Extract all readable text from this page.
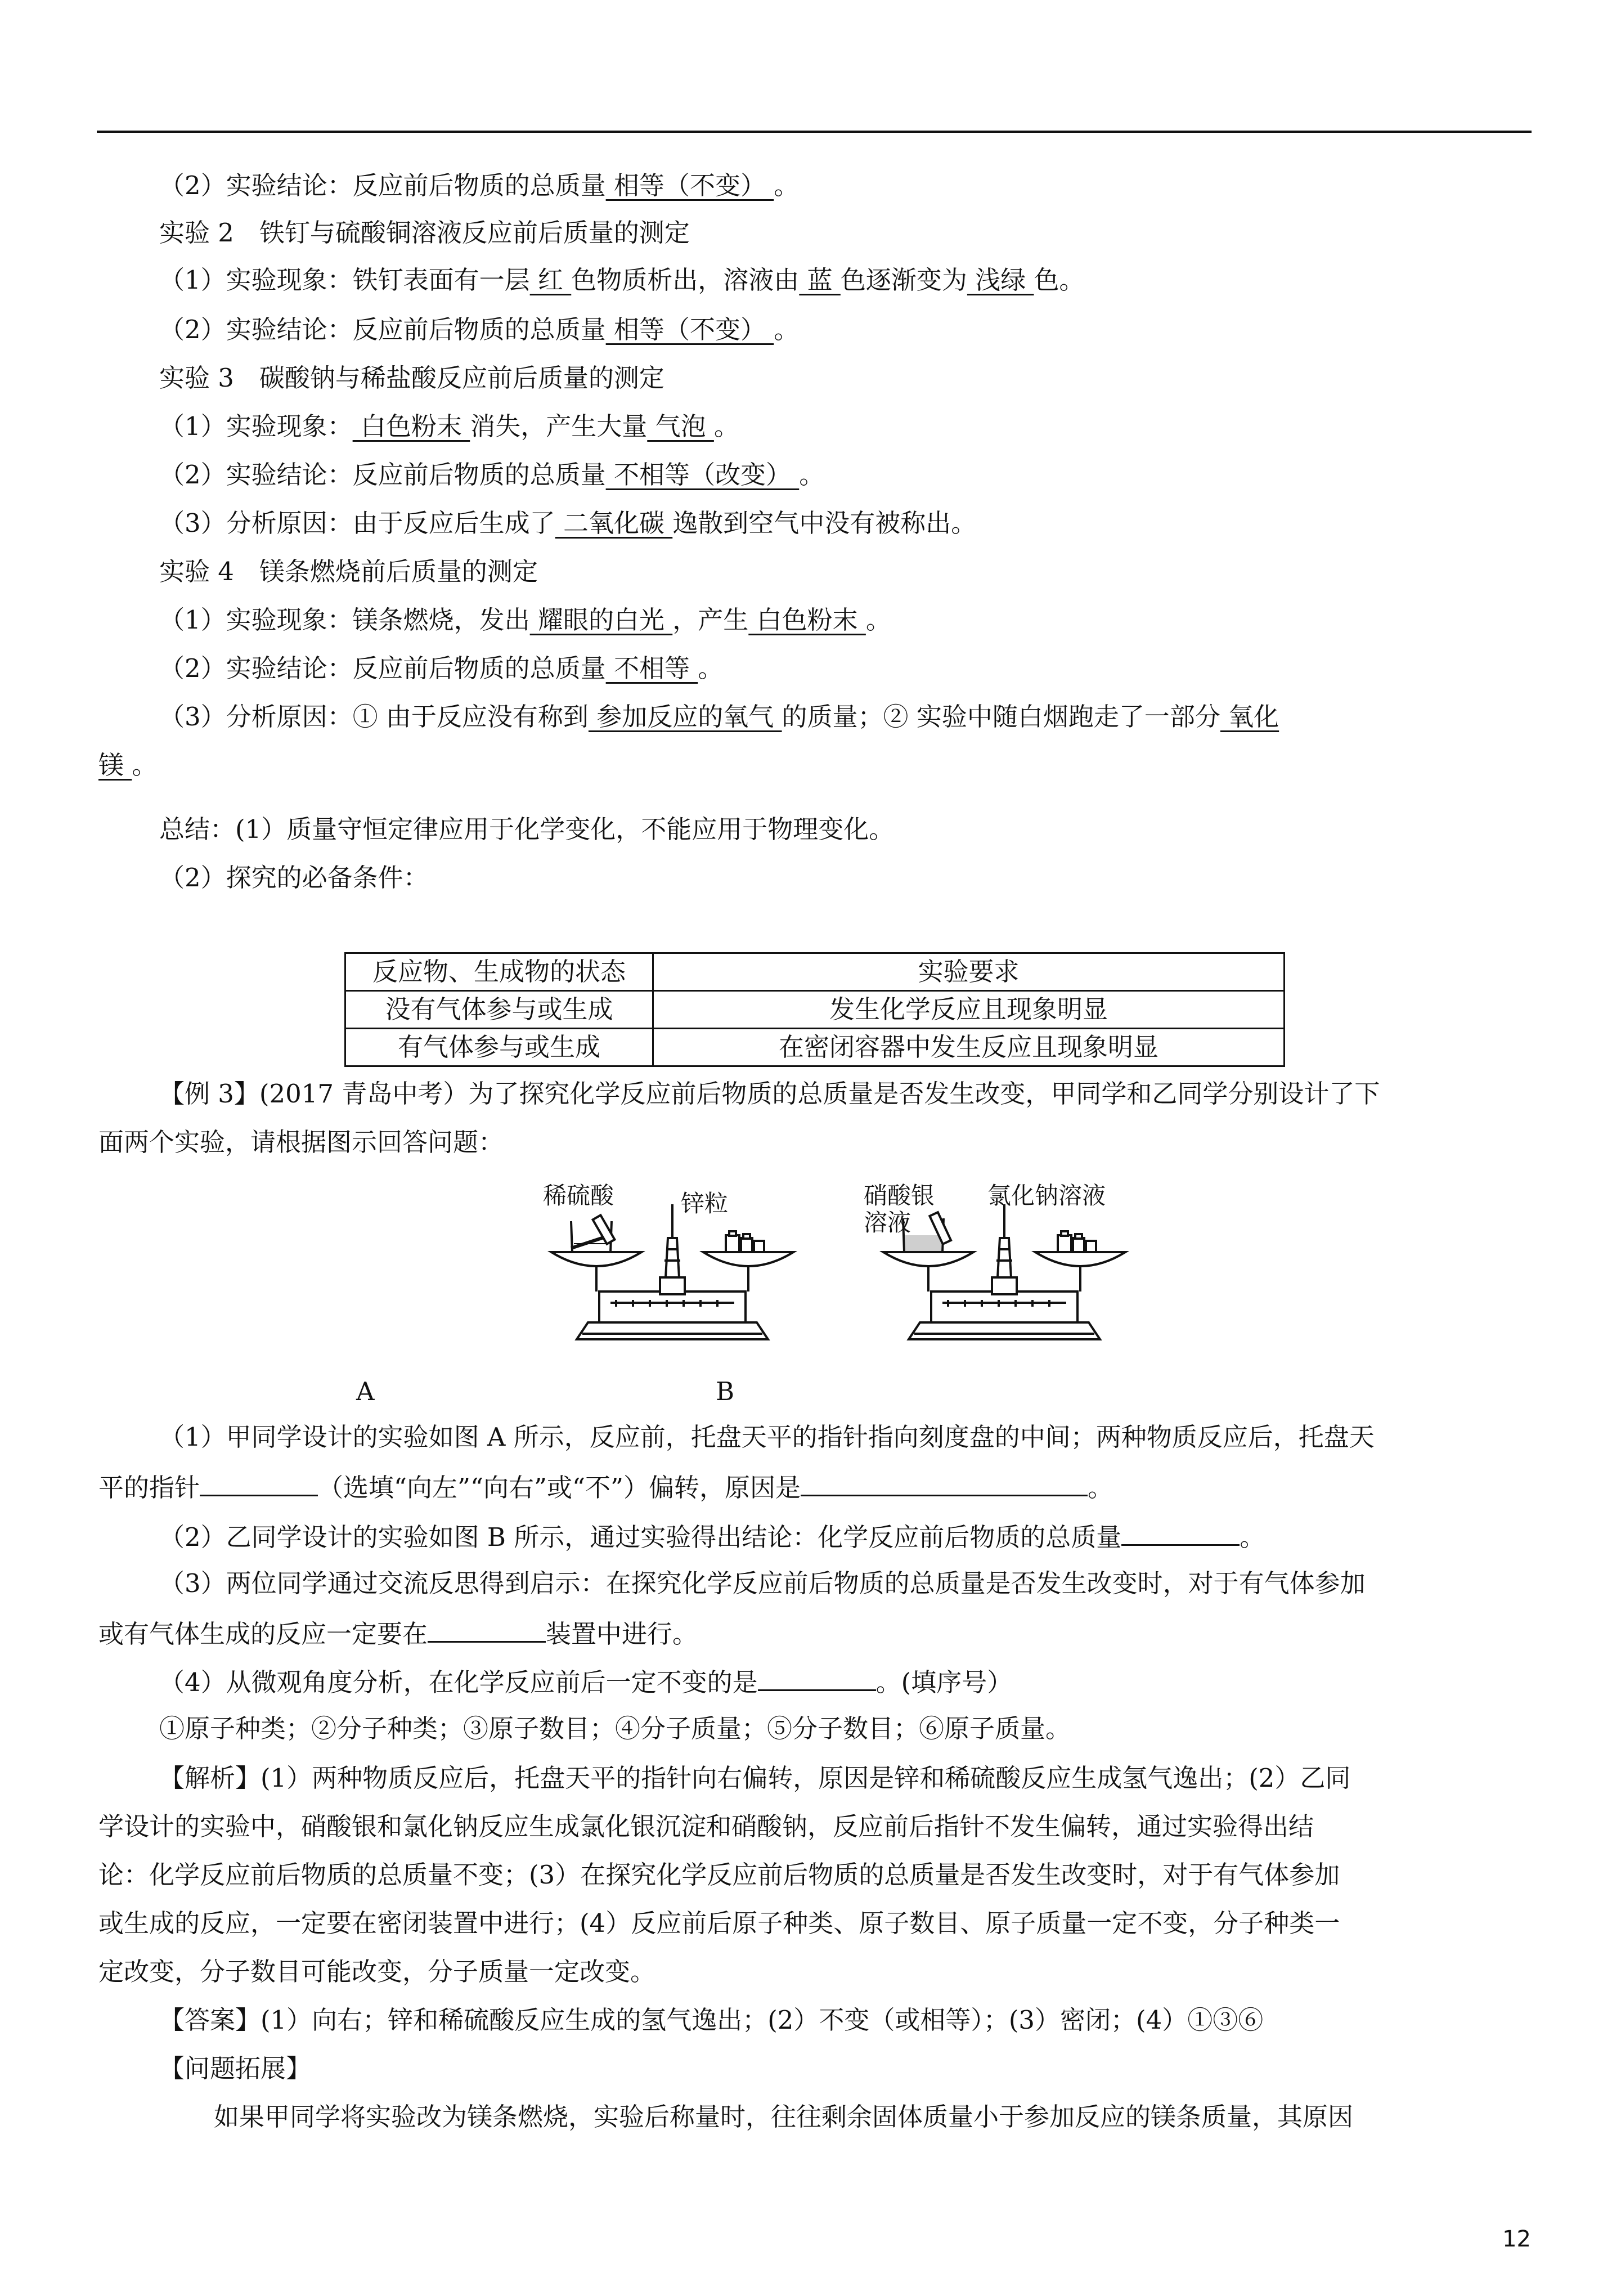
（2）实验结论：反应前后物质的总质量 相等（不变） 。
实验 2　铁钉与硫酸铜溶液反应前后质量的测定
（1）实验现象：铁钉表面有一层 红 色物质析出，溶液由 蓝 色逐渐变为 浅绿 色。
（2）实验结论：反应前后物质的总质量 相等（不变） 。
实验 3　碳酸钠与稀盐酸反应前后质量的测定
（1）实验现象： 白色粉末 消失，产生大量 气泡 。
（2）实验结论：反应前后物质的总质量 不相等（改变） 。
（3）分析原因：由于反应后生成了 二氧化碳 逸散到空气中没有被称出。
实验 4　镁条燃烧前后质量的测定
（1）实验现象：镁条燃烧，发出 耀眼的白光 ，产生 白色粉末 。
（2）实验结论：反应前后物质的总质量 不相等 。
（3）分析原因：① 由于反应没有称到 参加反应的氧气 的质量；② 实验中随白烟跑走了一部分 氧化
镁 。
总结：(1）质量守恒定律应用于化学变化，不能应用于物理变化。
（2）探究的必备条件：
反应物、生成物的状态	实验要求
没有气体参与或生成	发生化学反应且现象明显
有气体参与或生成	在密闭容器中发生反应且现象明显
【例 3】(2017 青岛中考）为了探究化学反应前后物质的总质量是否发生改变，甲同学和乙同学分别设计了下
面两个实验，请根据图示回答问题：
稀硫酸	锌粒	硝酸银
溶液
氯化钠溶液
A	B
（1）甲同学设计的实验如图 A 所示，反应前，托盘天平的指针指向刻度盘的中间；两种物质反应后，托盘天
平的指针	（选填“向左”“向右”或“不”）偏转，原因是	。
（2）乙同学设计的实验如图 B 所示，通过实验得出结论：化学反应前后物质的总质量	。
（3）两位同学通过交流反思得到启示：在探究化学反应前后物质的总质量是否发生改变时，对于有气体参加
或有气体生成的反应一定要在	装置中进行。
（4）从微观角度分析，在化学反应前后一定不变的是	。(填序号）
①原子种类；②分子种类；③原子数目；④分子质量；⑤分子数目；⑥原子质量。
【解析】(1）两种物质反应后，托盘天平的指针向右偏转，原因是锌和稀硫酸反应生成氢气逸出；(2）乙同
学设计的实验中，硝酸银和氯化钠反应生成氯化银沉淀和硝酸钠，反应前后指针不发生偏转，通过实验得出结
论：化学反应前后物质的总质量不变；(3）在探究化学反应前后物质的总质量是否发生改变时，对于有气体参加
或生成的反应，一定要在密闭装置中进行；(4）反应前后原子种类、原子数目、原子质量一定不变，分子种类一
定改变，分子数目可能改变，分子质量一定改变。
【答案】(1）向右；锌和稀硫酸反应生成的氢气逸出；(2）不变（或相等）；(3）密闭；(4）①③⑥
【问题拓展】
如果甲同学将实验改为镁条燃烧，实验后称量时，往往剩余固体质量小于参加反应的镁条质量，其原因
12
